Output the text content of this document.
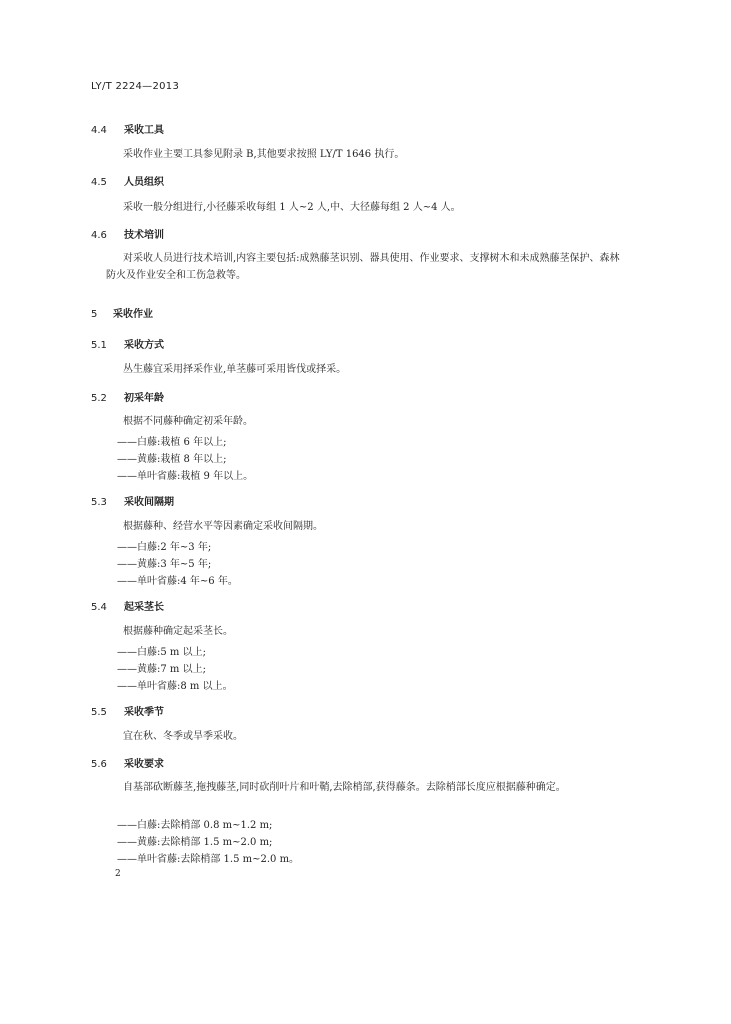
LY/T 2224—2013
4.4 采收工具
采收作业主要工具参见附录 B,其他要求按照 LY/T 1646 执行。
4.5 人员组织
采收一般分组进行,小径藤采收每组 1 人~2 人,中、大径藤每组 2 人~4 人。
4.6 技术培训
对采收人员进行技术培训,内容主要包括:成熟藤茎识别、器具使用、作业要求、支撑树木和未成熟藤茎保护、森林防火及作业安全和工伤急救等。
5 采收作业
5.1 采收方式
丛生藤宜采用择采作业,单茎藤可采用皆伐或择采。
5.2 初采年龄
根据不同藤种确定初采年龄。
——白藤:栽植 6 年以上;
——黄藤:栽植 8 年以上;
——单叶省藤:栽植 9 年以上。
5.3 采收间隔期
根据藤种、经营水平等因素确定采收间隔期。
——白藤:2 年~3 年;
——黄藤:3 年~5 年;
——单叶省藤:4 年~6 年。
5.4 起采茎长
根据藤种确定起采茎长。
——白藤:5 m 以上;
——黄藤:7 m 以上;
——单叶省藤:8 m 以上。
5.5 采收季节
宜在秋、冬季或旱季采收。
5.6 采收要求
自基部砍断藤茎,拖拽藤茎,同时砍削叶片和叶鞘,去除梢部,获得藤条。去除梢部长度应根据藤种确定。
——白藤:去除梢部 0.8 m~1.2 m;
——黄藤:去除梢部 1.5 m~2.0 m;
——单叶省藤:去除梢部 1.5 m~2.0 m。
2
